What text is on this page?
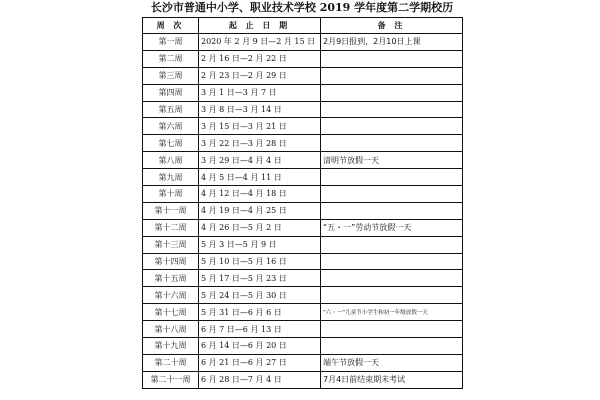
长沙市普通中小学、职业技术学校 2019 学年度第二学期校历
周 次	起 止 日 期	备 注
第一周	2020 年 2 月 9 日—2 月 15 日	2月9日报到，2月10日上课
第二周	2 月 16 日—2 月 22 日	
第三周	2 月 23 日—2 月 29 日	
第四周	3 月 1 日—3 月 7 日	
第五周	3 月 8 日—3 月 14 日	
第六周	3 月 15 日—3 月 21 日	
第七周	3 月 22 日—3 月 28 日	
第八周	3 月 29 日—4 月 4 日	清明节放假一天
第九周	4 月 5 日—4 月 11 日	
第十周	4 月 12 日—4 月 18 日	
第十一周	4 月 19 日—4 月 25 日	
第十二周	4 月 26 日—5 月 2 日	“五・一”劳动节放假一天
第十三周	5 月 3 日—5 月 9 日	
第十四周	5 月 10 日—5 月 16 日	
第十五周	5 月 17 日—5 月 23 日	
第十六周	5 月 24 日—5 月 30 日	
第十七周	5 月 31 日—6 月 6 日	“六・一”儿童节小学生和初一年级放假一天
第十八周	6 月 7 日—6 月 13 日	
第十九周	6 月 14 日—6 月 20 日	
第二十周	6 月 21 日—6 月 27 日	端午节放假一天
第二十一周	6 月 28 日—7 月 4 日	7月4日前结束期末考试
